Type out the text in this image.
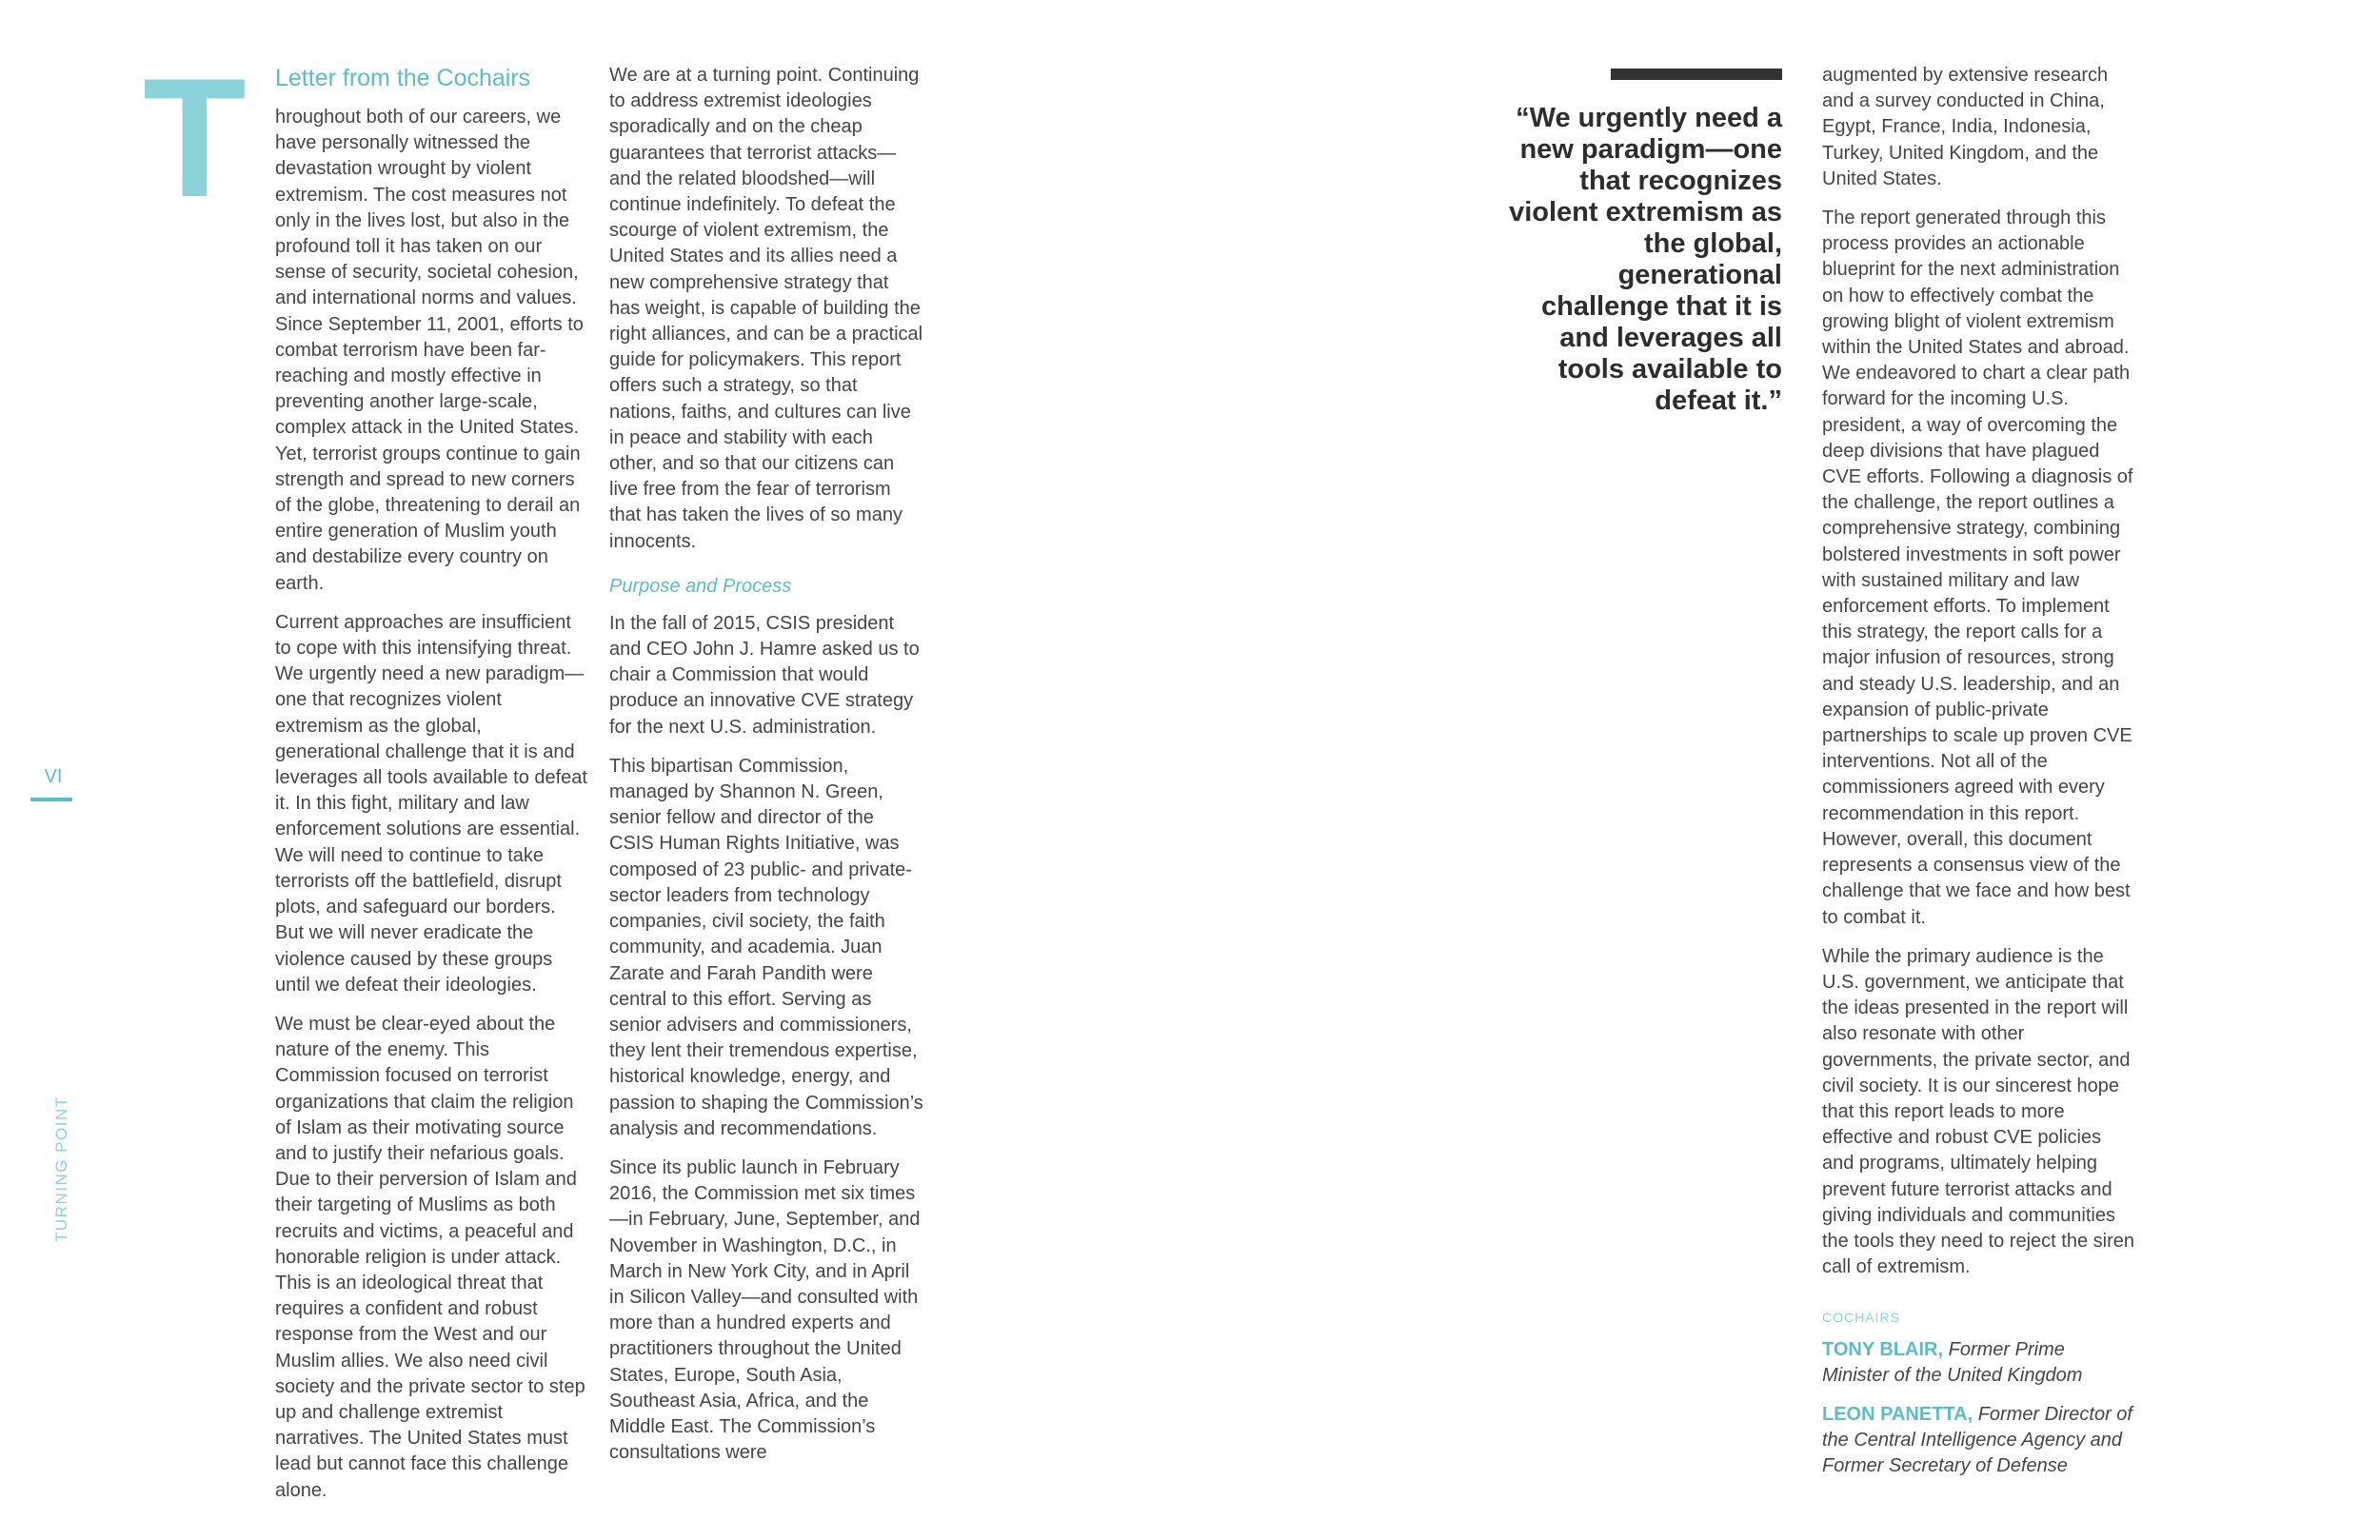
VI
TURNING POINT
T	Letter from the Cochairs

hroughout both of our careers, we have personally witnessed the devastation wrought by violent extremism. The cost measures not only in the lives lost, but also in the profound toll it has taken on our sense of security, societal cohesion, and international norms and values. Since September 11, 2001, efforts to combat terrorism have been far-reaching and mostly effective in preventing another large-scale, complex attack in the United States. Yet, terrorist groups continue to gain strength and spread to new corners of the globe, threatening to derail an entire generation of Muslim youth and destabilize every country on earth.

Current approaches are insufficient to cope with this intensifying threat. We urgently need a new paradigm—one that recognizes violent extremism as the global, generational challenge that it is and leverages all tools available to defeat it. In this fight, military and law enforcement solutions are essential. We will need to continue to take terrorists off the battlefield, disrupt plots, and safeguard our borders. But we will never eradicate the violence caused by these groups until we defeat their ideologies.

We must be clear-eyed about the nature of the enemy. This Commission focused on terrorist organizations that claim the religion of Islam as their motivating source and to justify their nefarious goals. Due to their perversion of Islam and their targeting of Muslims as both recruits and victims, a peaceful and honorable religion is under attack. This is an ideological threat that requires a confident and robust response from the West and our Muslim allies. We also need civil society and the private sector to step up and challenge extremist narratives. The United States must lead but cannot face this challenge alone.

We are at a turning point. Continuing to address extremist ideologies sporadically and on the cheap guarantees that terrorist attacks—and the related bloodshed—will continue indefinitely. To defeat the scourge of violent extremism, the United States and its allies need a new comprehensive strategy that has weight, is capable of building the right alliances, and can be a practical guide for policymakers. This report offers such a strategy, so that nations, faiths, and cultures can live in peace and stability with each other, and so that our citizens can live free from the fear of terrorism that has taken the lives of so many innocents.

Purpose and Process

In the fall of 2015, CSIS president and CEO John J. Hamre asked us to chair a Commission that would produce an innovative CVE strategy for the next U.S. administration.

This bipartisan Commission, managed by Shannon N. Green, senior fellow and director of the CSIS Human Rights Initiative, was composed of 23 public- and private-sector leaders from technology companies, civil society, the faith community, and academia. Juan Zarate and Farah Pandith were central to this effort. Serving as senior advisers and commissioners, they lent their tremendous expertise, historical knowledge, energy, and passion to shaping the Commission’s analysis and recommendations.

Since its public launch in February 2016, the Commission met six times—in February, June, September, and November in Washington, D.C., in March in New York City, and in April in Silicon Valley—and consulted with more than a hundred experts and practitioners throughout the United States, Europe, South Asia, Southeast Asia, Africa, and the Middle East. The Commission’s consultations were

“We urgently need a new paradigm—one that recognizes violent extremism as the global, generational challenge that it is and leverages all tools available to defeat it.”

augmented by extensive research and a survey conducted in China, Egypt, France, India, Indonesia, Turkey, United Kingdom, and the United States.

The report generated through this process provides an actionable blueprint for the next administration on how to effectively combat the growing blight of violent extremism within the United States and abroad. We endeavored to chart a clear path forward for the incoming U.S. president, a way of overcoming the deep divisions that have plagued CVE efforts. Following a diagnosis of the challenge, the report outlines a comprehensive strategy, combining bolstered investments in soft power with sustained military and law enforcement efforts. To implement this strategy, the report calls for a major infusion of resources, strong and steady U.S. leadership, and an expansion of public-private partnerships to scale up proven CVE interventions. Not all of the commissioners agreed with every recommendation in this report. However, overall, this document represents a consensus view of the challenge that we face and how best to combat it.

While the primary audience is the U.S. government, we anticipate that the ideas presented in the report will also resonate with other governments, the private sector, and civil society. It is our sincerest hope that this report leads to more effective and robust CVE policies and programs, ultimately helping prevent future terrorist attacks and giving individuals and communities the tools they need to reject the siren call of extremism.

COCHAIRS
TONY BLAIR, Former Prime Minister of the United Kingdom
LEON PANETTA, Former Director of the Central Intelligence Agency and Former Secretary of Defense
